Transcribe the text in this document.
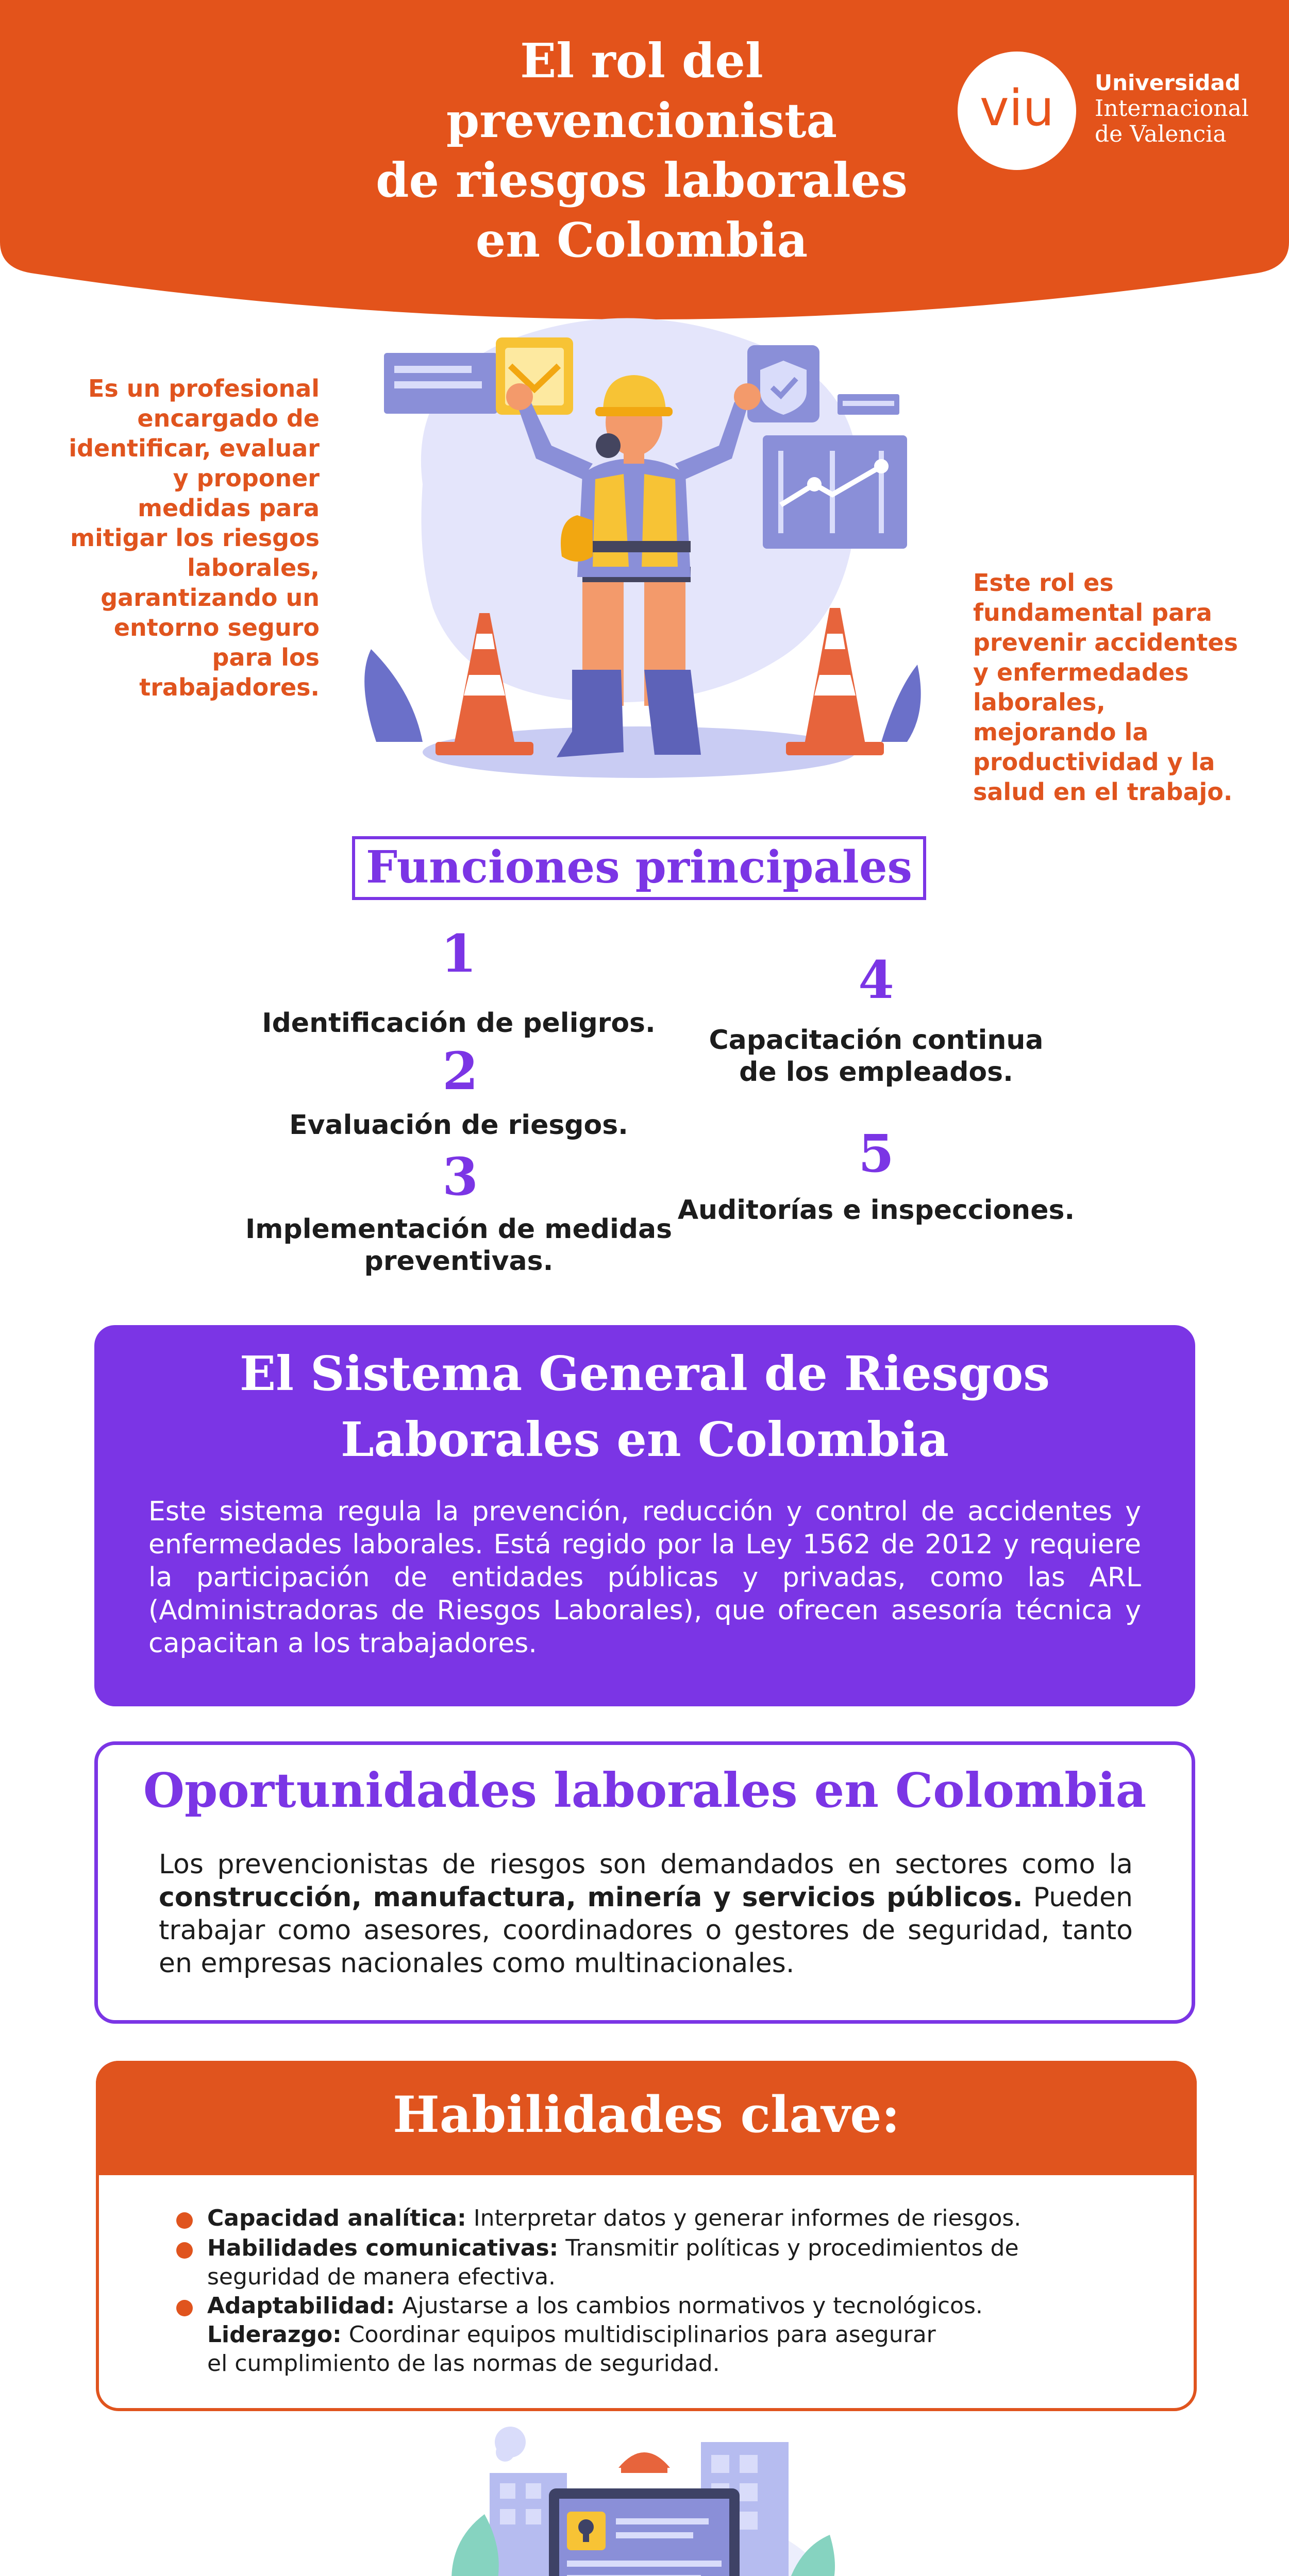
El rol del
prevencionista
de riesgos laborales
en Colombia
viu	Universidad
Internacional
de Valencia
Es un profesional encargado de identificar, evaluar y proponer medidas para mitigar los riesgos laborales, garantizando un entorno seguro para los trabajadores.
Este rol es fundamental para prevenir accidentes y enfermedades laborales, mejorando la productividad y la salud en el trabajo.
Funciones principales
1
Identificación de peligros.
2
Evaluación de riesgos.
3
Implementación de medidas
preventivas.
4
Capacitación continua
de los empleados.
5
Auditorías e inspecciones.
El Sistema General de Riesgos
Laborales en Colombia
Este sistema regula la prevención, reducción y control de accidentes y enfermedades laborales. Está regido por la Ley 1562 de 2012 y requiere la participación de entidades públicas y privadas, como las ARL (Administradoras de Riesgos Laborales), que ofrecen asesoría técnica y capacitan a los trabajadores.
Oportunidades laborales en Colombia
Los prevencionistas de riesgos son demandados en sectores como la construcción, manufactura, minería y servicios públicos. Pueden trabajar como asesores, coordinadores o gestores de seguridad, tanto en empresas nacionales como multinacionales.
Habilidades clave:
Capacidad analítica: Interpretar datos y generar informes de riesgos.
Habilidades comunicativas: Transmitir políticas y procedimientos de seguridad de manera efectiva.
Adaptabilidad: Ajustarse a los cambios normativos y tecnológicos.
Liderazgo: Coordinar equipos multidisciplinarios para asegurar el cumplimiento de las normas de seguridad.
